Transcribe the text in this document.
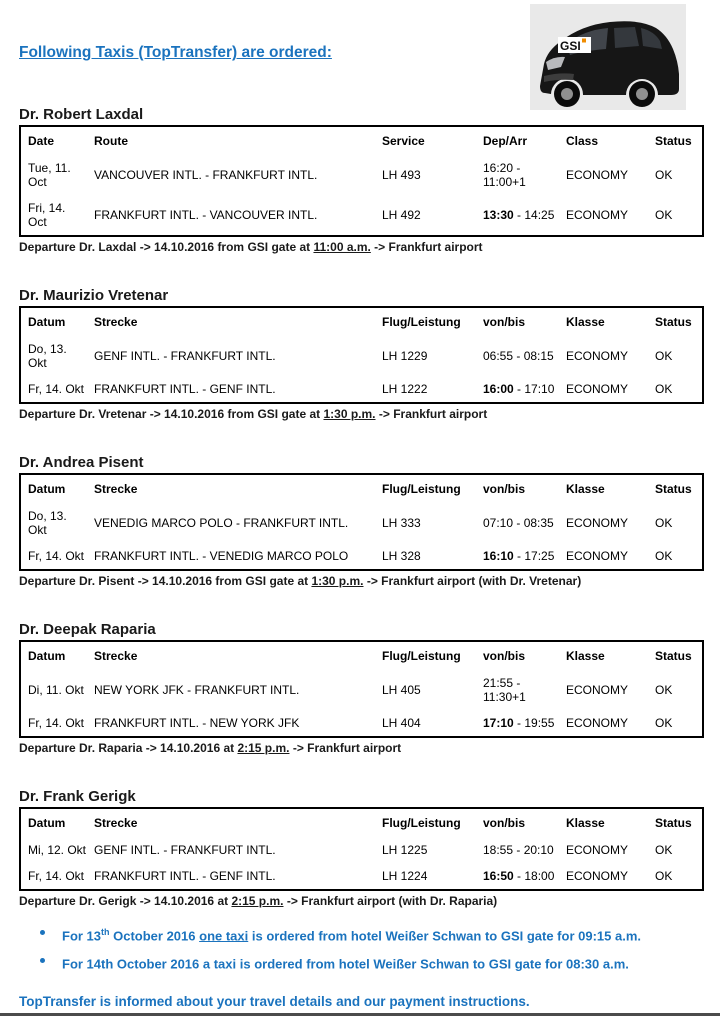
Following Taxis (TopTransfer) are ordered:	GSI
Dr. Robert Laxdal
Date	Route	Service	Dep/Arr	Class	Status
Tue, 11. Oct	VANCOUVER INTL. - FRANKFURT INTL.	LH 493	16:20 - 11:00+1	ECONOMY	OK
Fri, 14. Oct	FRANKFURT INTL. - VANCOUVER INTL.	LH 492	13:30 - 14:25	ECONOMY	OK

Departure Dr. Laxdal -> 14.10.2016 from GSI gate at 11:00 a.m. -> Frankfurt airport

Dr. Maurizio Vretenar
Datum	Strecke	Flug/Leistung	von/bis	Klasse	Status
Do, 13. Okt	GENF INTL. - FRANKFURT INTL.	LH 1229	06:55 - 08:15	ECONOMY	OK
Fr, 14. Okt	FRANKFURT INTL. - GENF INTL.	LH 1222	16:00 - 17:10	ECONOMY	OK

Departure Dr. Vretenar -> 14.10.2016 from GSI gate at 1:30 p.m. -> Frankfurt airport

Dr. Andrea Pisent
Datum	Strecke	Flug/Leistung	von/bis	Klasse	Status
Do, 13. Okt	VENEDIG MARCO POLO - FRANKFURT INTL.	LH 333	07:10 - 08:35	ECONOMY	OK
Fr, 14. Okt	FRANKFURT INTL. - VENEDIG MARCO POLO	LH 328	16:10 - 17:25	ECONOMY	OK

Departure Dr. Pisent -> 14.10.2016 from GSI gate at 1:30 p.m. -> Frankfurt airport (with Dr. Vretenar)

Dr. Deepak Raparia
Datum	Strecke	Flug/Leistung	von/bis	Klasse	Status
Di, 11. Okt	NEW YORK JFK - FRANKFURT INTL.	LH 405	21:55 - 11:30+1	ECONOMY	OK
Fr, 14. Okt	FRANKFURT INTL. - NEW YORK JFK	LH 404	17:10 - 19:55	ECONOMY	OK

Departure Dr. Raparia -> 14.10.2016 at 2:15 p.m. -> Frankfurt airport

Dr. Frank Gerigk
Datum	Strecke	Flug/Leistung	von/bis	Klasse	Status
Mi, 12. Okt	GENF INTL. - FRANKFURT INTL.	LH 1225	18:55 - 20:10	ECONOMY	OK
Fr, 14. Okt	FRANKFURT INTL. - GENF INTL.	LH 1224	16:50 - 18:00	ECONOMY	OK

Departure Dr. Gerigk -> 14.10.2016 at 2:15 p.m. -> Frankfurt airport (with Dr. Raparia)

For 13th October 2016 one taxi is ordered from hotel Weißer Schwan to GSI gate for 09:15 a.m.
For 14th October 2016 a taxi is ordered from hotel Weißer Schwan to GSI gate for 08:30 a.m.

TopTransfer is informed about your travel details and our payment instructions.
